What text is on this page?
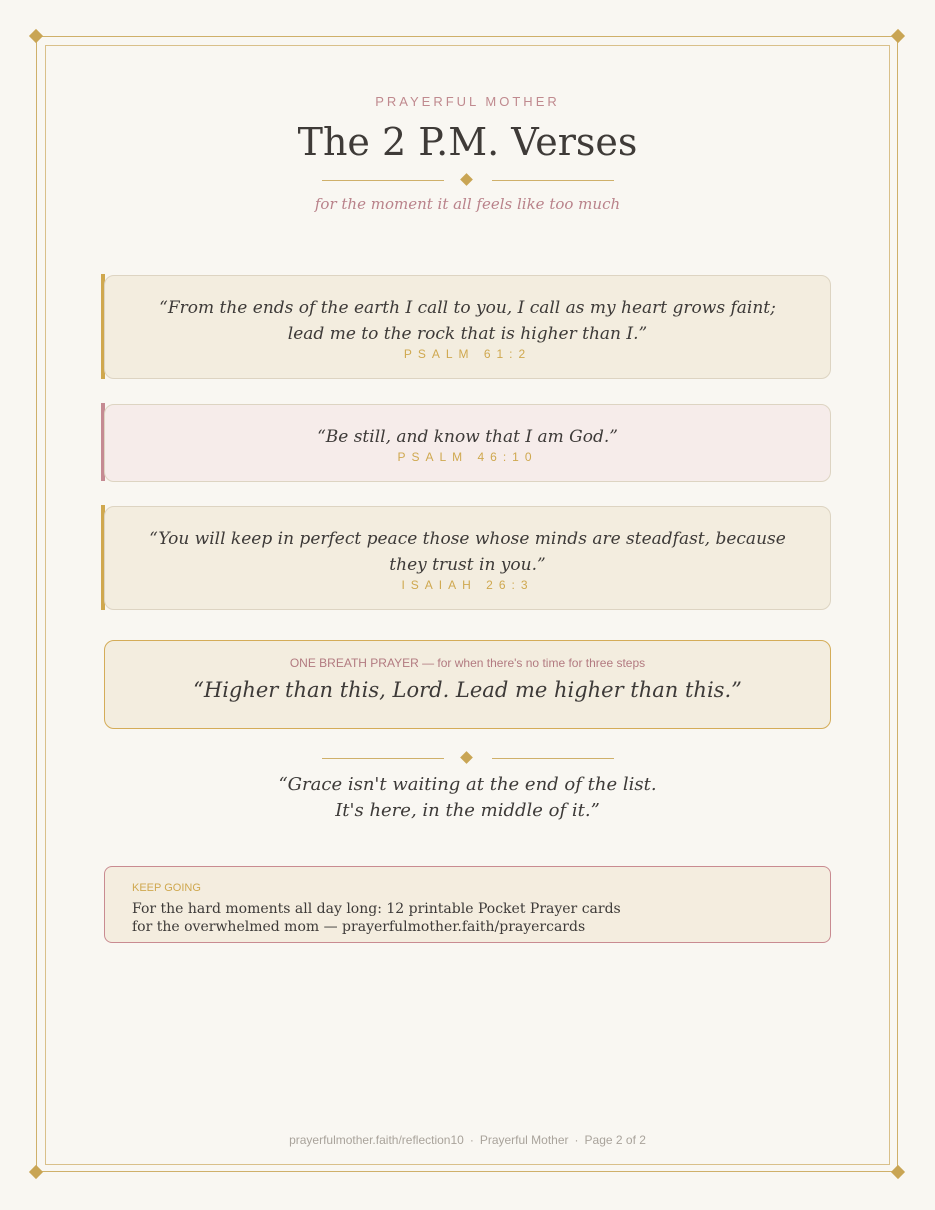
PRAYERFUL MOTHER
The 2 P.M. Verses
for the moment it all feels like too much
“From the ends of the earth I call to you, I call as my heart grows faint; lead me to the rock that is higher than I.”
PSALM 61:2
“Be still, and know that I am God.”
PSALM 46:10
“You will keep in perfect peace those whose minds are steadfast, because they trust in you.”
ISAIAH 26:3
ONE BREATH PRAYER — for when there's no time for three steps
“Higher than this, Lord. Lead me higher than this.”
“Grace isn't waiting at the end of the list.
It's here, in the middle of it.”
KEEP GOING
For the hard moments all day long: 12 printable Pocket Prayer cards
for the overwhelmed mom — prayerfulmother.faith/prayercards
prayerfulmother.faith/reflection10 · Prayerful Mother · Page 2 of 2
